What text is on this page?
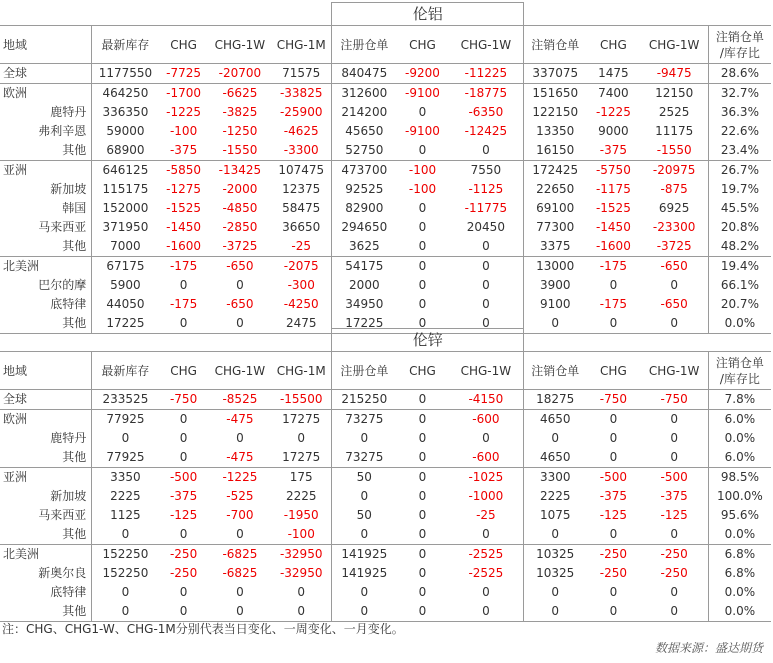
					伦铝						
地域	最新库存	CHG	CHG-1W	CHG-1M	注册仓单	CHG	CHG-1W	注销仓单	CHG	CHG-1W	注销仓单
/库存比
全球	1177550	-7725	-20700	71575	840475	-9200	-11225	337075	1475	-9475	28.6%
欧洲	464250	-1700	-6625	-33825	312600	-9100	-18775	151650	7400	12150	32.7%
鹿特丹	336350	-1225	-3825	-25900	214200	0	-6350	122150	-1225	2525	36.3%
弗利辛恩	59000	-100	-1250	-4625	45650	-9100	-12425	13350	9000	11175	22.6%
其他	68900	-375	-1550	-3300	52750	0	0	16150	-375	-1550	23.4%
亚洲	646125	-5850	-13425	107475	473700	-100	7550	172425	-5750	-20975	26.7%
新加坡	115175	-1275	-2000	12375	92525	-100	-1125	22650	-1175	-875	19.7%
韩国	152000	-1525	-4850	58475	82900	0	-11775	69100	-1525	6925	45.5%
马来西亚	371950	-1450	-2850	36650	294650	0	20450	77300	-1450	-23300	20.8%
其他	7000	-1600	-3725	-25	3625	0	0	3375	-1600	-3725	48.2%
北美洲	67175	-175	-650	-2075	54175	0	0	13000	-175	-650	19.4%
巴尔的摩	5900	0	0	-300	2000	0	0	3900	0	0	66.1%
底特律	44050	-175	-650	-4250	34950	0	0	9100	-175	-650	20.7%
其他	17225	0	0	2475	17225	0	0	0	0	0	0.0%
					伦锌						
地域	最新库存	CHG	CHG-1W	CHG-1M	注册仓单	CHG	CHG-1W	注销仓单	CHG	CHG-1W	注销仓单
/库存比
全球	233525	-750	-8525	-15500	215250	0	-4150	18275	-750	-750	7.8%
欧洲	77925	0	-475	17275	73275	0	-600	4650	0	0	6.0%
鹿特丹	0	0	0	0	0	0	0	0	0	0	0.0%
其他	77925	0	-475	17275	73275	0	-600	4650	0	0	6.0%
亚洲	3350	-500	-1225	175	50	0	-1025	3300	-500	-500	98.5%
新加坡	2225	-375	-525	2225	0	0	-1000	2225	-375	-375	100.0%
马来西亚	1125	-125	-700	-1950	50	0	-25	1075	-125	-125	95.6%
其他	0	0	0	-100	0	0	0	0	0	0	0.0%
北美洲	152250	-250	-6825	-32950	141925	0	-2525	10325	-250	-250	6.8%
新奥尔良	152250	-250	-6825	-32950	141925	0	-2525	10325	-250	-250	6.8%
底特律	0	0	0	0	0	0	0	0	0	0	0.0%
其他	0	0	0	0	0	0	0	0	0	0	0.0%
注：CHG、CHG1-W、CHG-1M分别代表当日变化、一周变化、一月变化。
数据来源：盛达期货
